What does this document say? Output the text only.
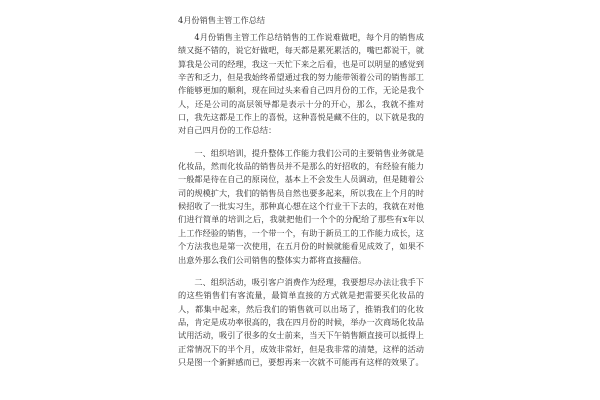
4月份销售主管工作总结

4月份销售主管工作总结销售的工作说难做吧，每个月的销售成绩又挺不错的，说它好做吧，每天都是累死累活的，嘴巴都说干，就算我是公司的经理，我这一天忙下来之后看，也是可以明显的感觉到辛苦和乏力，但是我始终希望通过我的努力能带领着公司的销售部工作能够更加的顺利，现在回过头来看自己四月份的工作，无论是我个人，还是公司的高层领导都是表示十分的开心，那么，我就不推对口，我先这都是工作上的喜悦，这种喜悦是藏不住的，以下就是我的对自己四月份的工作总结：

一、组织培训，提升整体工作能力我们公司的主要销售业务就是化妆品，然而化妆品的销售员并不是那么的好招收的，有经验有能力一般都是待在自己的原岗位，基本上不会发生人员调动，但是随着公司的规模扩大，我们的销售员自然也要多起来，所以我在上个月的时候招收了一批实习生，那种真心想在这个行业干下去的，我就在对他们进行简单的培训之后，我就把他们一个个的分配给了那些有x年以上工作经验的销售，一个带一个，有助于新员工的工作能力成长，这个方法我也是第一次使用，在五月份的时候就能看见成效了，如果不出意外那么我们公司销售的整体实力都将直接翻倍。

二、组织活动，吸引客户消费作为经理，我要想尽办法让我手下的这些销售们有客流量，最简单直接的方式就是把需要买化妆品的人，都集中起来，然后我们的销售就可以出场了，推销我们的化妆品，肯定是成功率很高的，我在四月份的时候，举办一次商场化妆品试用活动，吸引了很多的女士前来，当天下午销售额直接可以抵得上正常情况下的半个月，成效非常好，但是我非常的清楚，这样的活动只是图一个新鲜感而已，要想再来一次就不可能再有这样的效果了。
